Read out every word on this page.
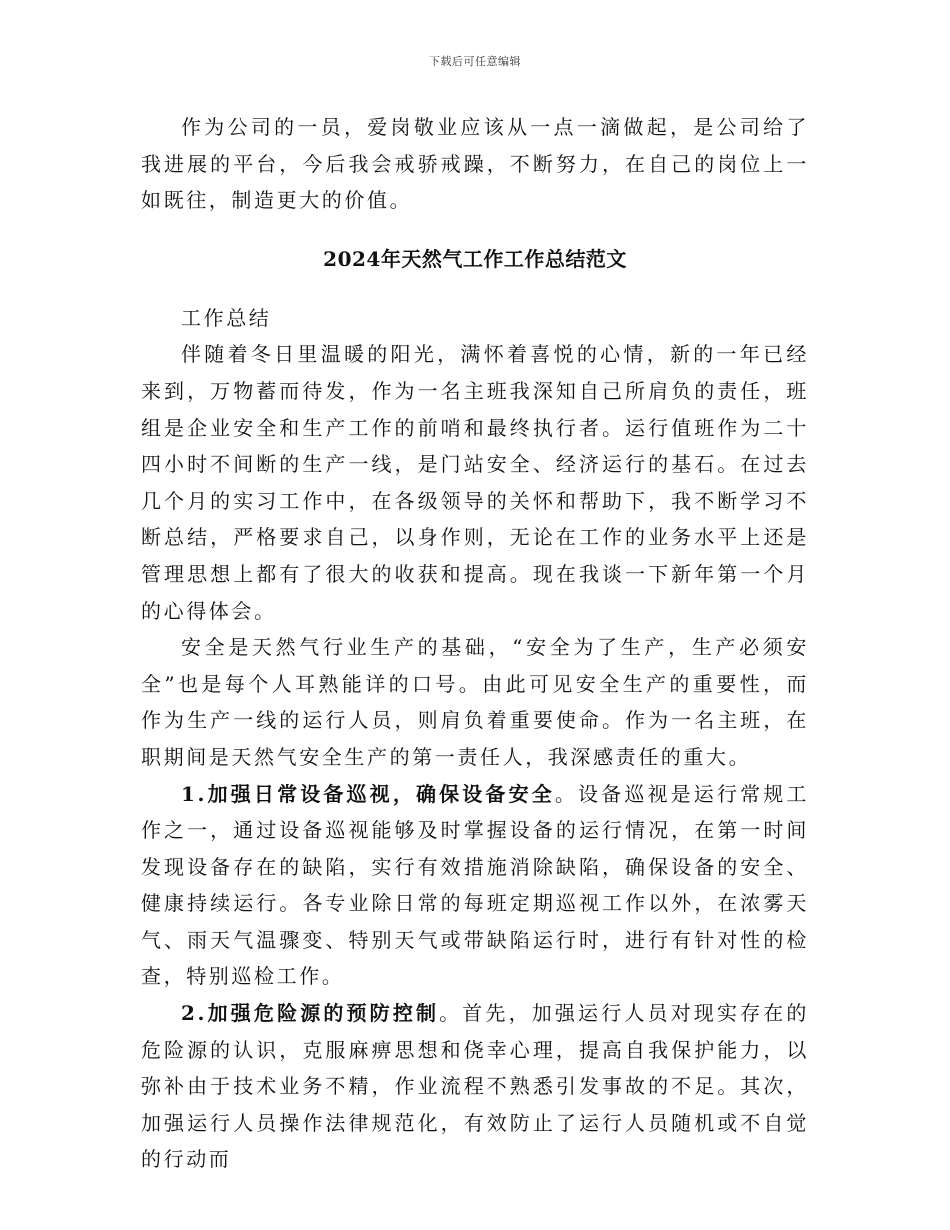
下载后可任意编辑

作为公司的一员，爱岗敬业应该从一点一滴做起，是公司给了我进展的平台，今后我会戒骄戒躁，不断努力，在自己的岗位上一如既往，制造更大的价值。

2024年天然气工作工作总结范文

工作总结

伴随着冬日里温暖的阳光，满怀着喜悦的心情，新的一年已经来到，万物蓄而待发，作为一名主班我深知自己所肩负的责任，班组是企业安全和生产工作的前哨和最终执行者。运行值班作为二十四小时不间断的生产一线，是门站安全、经济运行的基石。在过去几个月的实习工作中，在各级领导的关怀和帮助下，我不断学习不断总结，严格要求自己，以身作则，无论在工作的业务水平上还是管理思想上都有了很大的收获和提高。现在我谈一下新年第一个月的心得体会。

安全是天然气行业生产的基础，“安全为了生产，生产必须安全”也是每个人耳熟能详的口号。由此可见安全生产的重要性，而作为生产一线的运行人员，则肩负着重要使命。作为一名主班，在职期间是天然气安全生产的第一责任人，我深感责任的重大。

1.加强日常设备巡视，确保设备安全。设备巡视是运行常规工作之一，通过设备巡视能够及时掌握设备的运行情况，在第一时间发现设备存在的缺陷，实行有效措施消除缺陷，确保设备的安全、健康持续运行。各专业除日常的每班定期巡视工作以外，在浓雾天气、雨天气温骤变、特别天气或带缺陷运行时，进行有针对性的检查，特别巡检工作。

2.加强危险源的预防控制。首先，加强运行人员对现实存在的危险源的认识，克服麻痹思想和侥幸心理，提高自我保护能力，以弥补由于技术业务不精，作业流程不熟悉引发事故的不足。其次，加强运行人员操作法律规范化，有效防止了运行人员随机或不自觉的行动而
